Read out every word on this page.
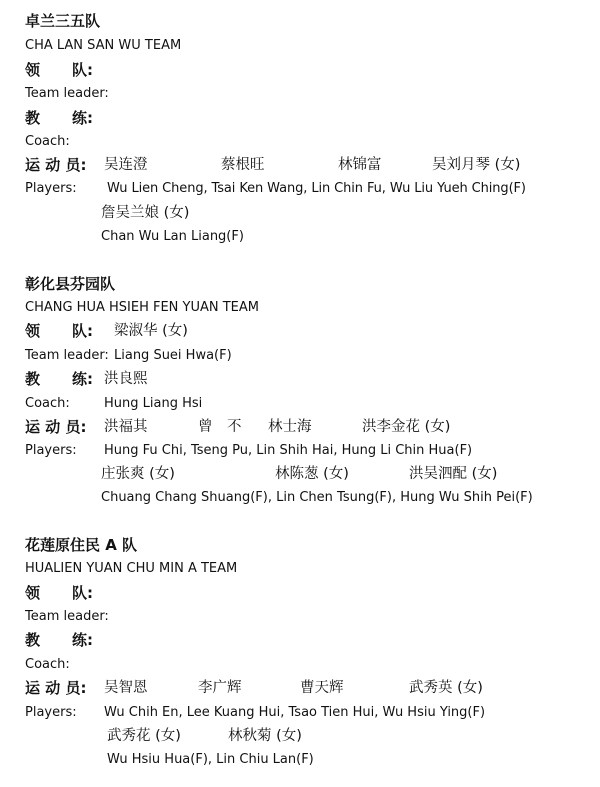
卓兰三五队
CHA LAN SAN WU TEAM
领 队:
Team leader:
教 练:
Coach:
运 动 员: 吴连澄	蔡根旺	林锦富	吴刘月琴 (女)
Players: Wu Lien Cheng, Tsai Ken Wang, Lin Chin Fu, Wu Liu Yueh Ching(F)
詹吴兰娘 (女)
Chan Wu Lan Liang(F)
彰化县芬园队
CHANG HUA HSIEH FEN YUAN TEAM
领 队: 梁淑华 (女)
Team leader: Liang Suei Hwa(F)
教 练: 洪良熙
Coach:	Hung Liang Hsi
运 动 员: 洪福其	曾　不 林士海	洪李金花 (女)
Players: Hung Fu Chi, Tseng Pu, Lin Shih Hai, Hung Li Chin Hua(F)
庄张爽 (女)	林陈葱 (女)	洪吴泗配 (女)
Chuang Chang Shuang(F), Lin Chen Tsung(F), Hung Wu Shih Pei(F)
花莲原住民 A 队
HUALIEN YUAN CHU MIN A TEAM
领 队:
Team leader:
教 练:
Coach:
运 动 员: 吴智恩	李广辉	曹天辉	武秀英 (女)
Players: Wu Chih En, Lee Kuang Hui, Tsao Tien Hui, Wu Hsiu Ying(F)
武秀花 (女)	林秋菊 (女)
Wu Hsiu Hua(F), Lin Chiu Lan(F)
